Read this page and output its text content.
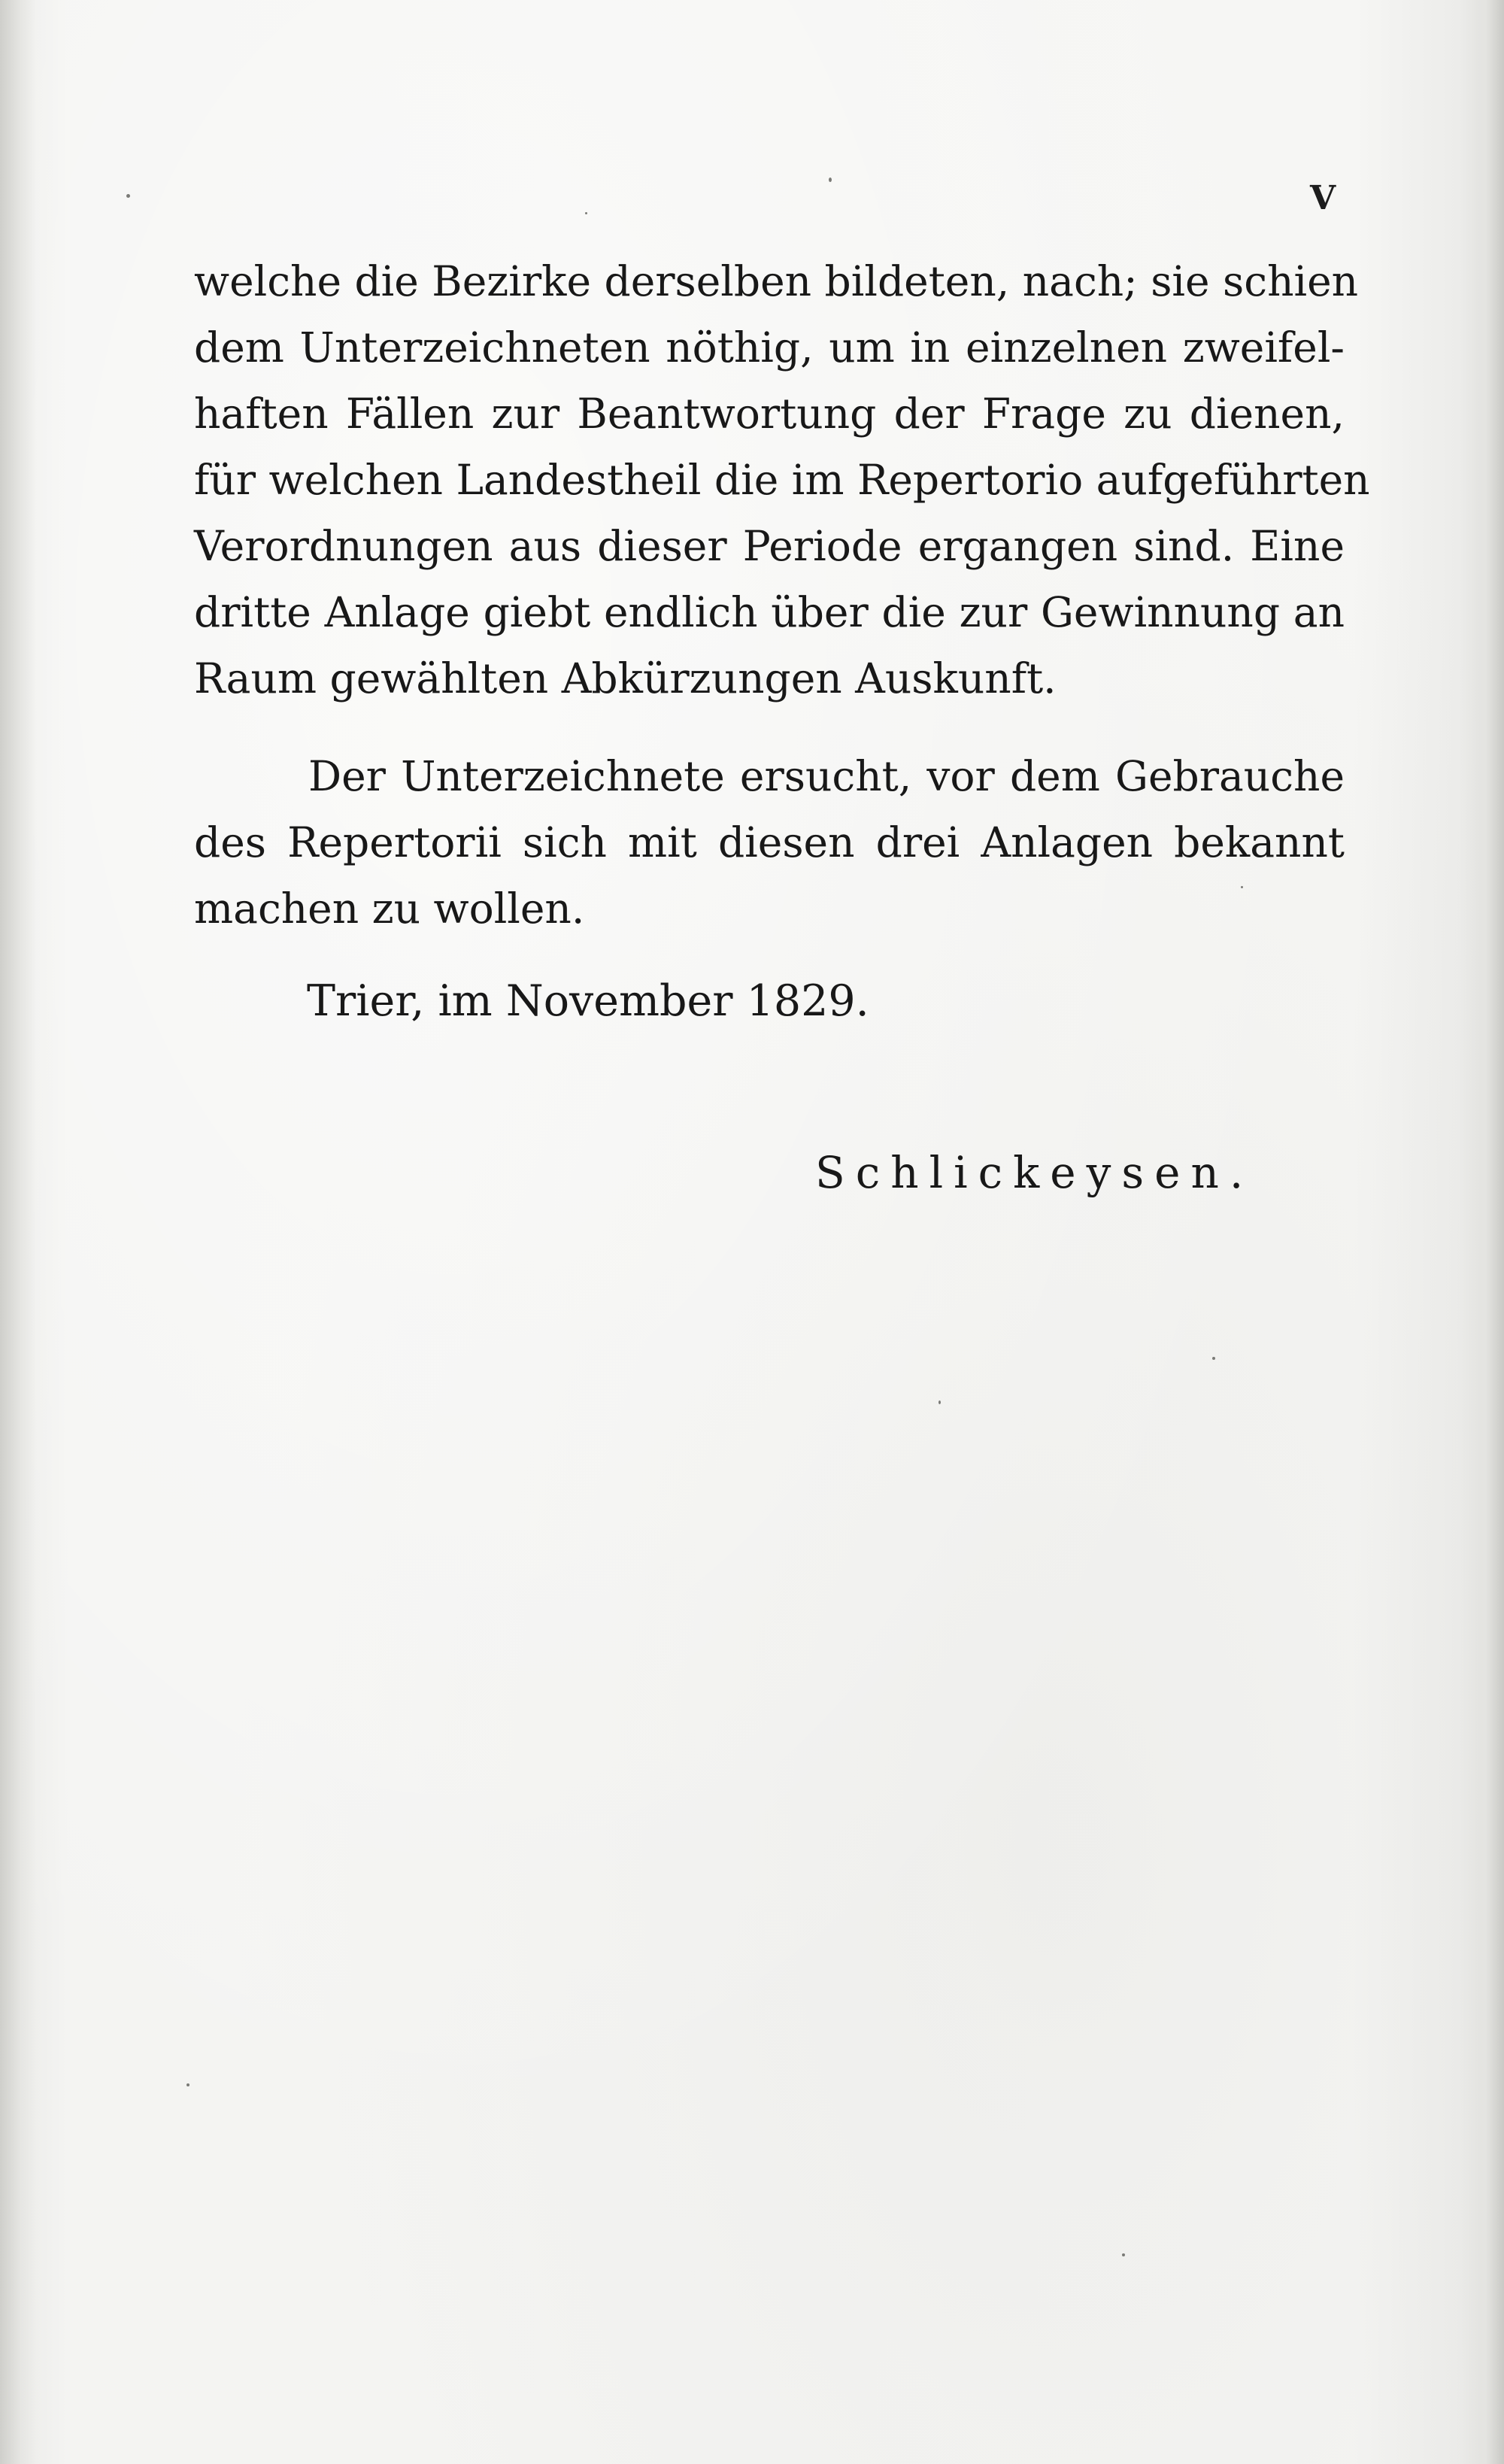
V
welche die Bezirke derselben bildeten, nach; sie schien
dem Unterzeichneten nöthig, um in einzelnen zweifel-
haften Fällen zur Beantwortung der Frage zu dienen,
für welchen Landestheil die im Repertorio aufgeführten
Verordnungen aus dieser Periode ergangen sind. Eine
dritte Anlage giebt endlich über die zur Gewinnung an
Raum gewählten Abkürzungen Auskunft.
Der Unterzeichnete ersucht, vor dem Gebrauche
des Repertorii sich mit diesen drei Anlagen bekannt
machen zu wollen.
Trier, im November 1829.
Schlickeysen.
